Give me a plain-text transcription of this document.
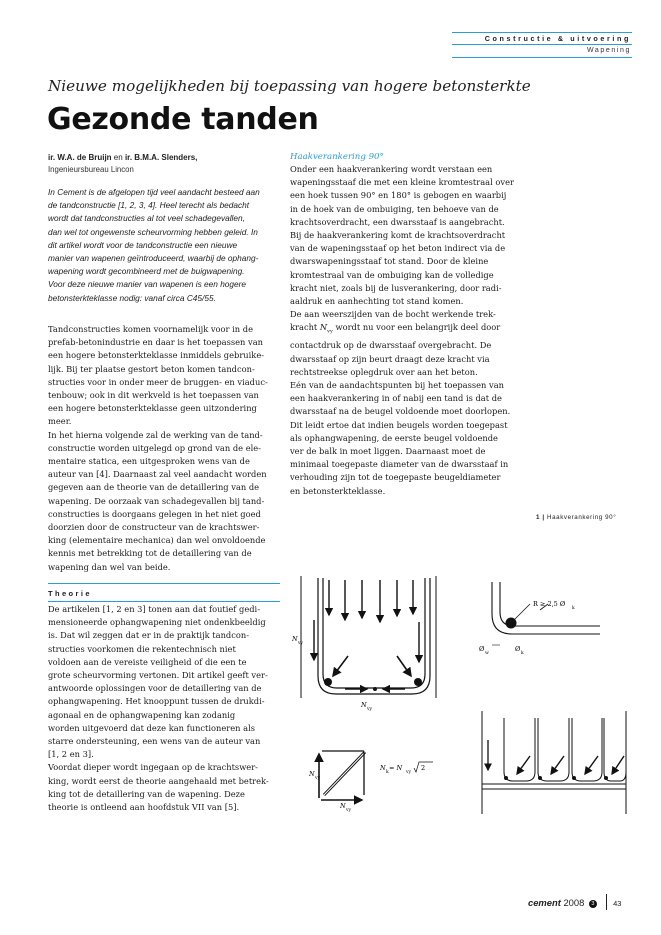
Constructie & uitvoering
Wapening
Nieuwe mogelijkheden bij toepassing van hogere betonsterkte
Gezonde tanden
ir. W.A. de Bruijn en ir. B.M.A. Slenders,
Ingenieursbureau Lincon

In Cement is de afgelopen tijd veel aandacht besteed aan

de tandconstructie [1, 2, 3, 4]. Heel terecht als bedacht

wordt dat tandconstructies al tot veel schadegevallen,

dan wel tot ongewenste scheurvorming hebben geleid. In

dit artikel wordt voor de tandconstructie een nieuwe

manier van wapenen geïntroduceerd, waarbij de ophang-

wapening wordt gecombineerd met de buigwapening.

Voor deze nieuwe manier van wapenen is een hogere

betonsterkteklasse nodig: vanaf circa C45/55.

Tandconstructies komen voornamelijk voor in de

prefab-betonindustrie en daar is het toepassen van

een hogere betonsterkteklasse inmiddels gebruike-

lijk. Bij ter plaatse gestort beton komen tandcon-

structies voor in onder meer de bruggen- en viaduc-

tenbouw; ook in dit werkveld is het toepassen van

een hogere betonsterkteklasse geen uitzondering

meer.

In het hierna volgende zal de werking van de tand-

constructie worden uitgelegd op grond van de ele-

mentaire statica, een uitgesproken wens van de

auteur van [4]. Daarnaast zal veel aandacht worden

gegeven aan de theorie van de detaillering van de

wapening. De oorzaak van schadegevallen bij tand-

constructies is doorgaans gelegen in het niet goed

doorzien door de constructeur van de krachtswer-

king (elementaire mechanica) dan wel onvoldoende

kennis met betrekking tot de detaillering van de

wapening dan wel van beide.

Theorie

De artikelen [1, 2 en 3] tonen aan dat foutief gedi-

mensioneerde ophangwapening niet ondenkbeeldig

is. Dat wil zeggen dat er in de praktijk tandcon-

structies voorkomen die rekentechnisch niet

voldoen aan de vereiste veiligheid of die een te

grote scheurvorming vertonen. Dit artikel geeft ver-

antwoorde oplossingen voor de detaillering van de

ophangwapening. Het knooppunt tussen de drukdi-

agonaal en de ophangwapening kan zodanig

worden uitgevoerd dat deze kan functioneren als

starre ondersteuning, een wens van de auteur van

[1, 2 en 3].

Voordat dieper wordt ingegaan op de krachtswer-

king, wordt eerst de theorie aangehaald met betrek-

king tot de detaillering van de wapening. Deze

theorie is ontleend aan hoofdstuk VII van [5].

Haakverankering 90°

Onder een haakverankering wordt verstaan een

wapeningsstaaf die met een kleine kromtestraal over

een hoek tussen 90° en 180° is gebogen en waarbij

in de hoek van de ombuiging, ten behoeve van de

krachtsoverdracht, een dwarsstaaf is aangebracht.

Bij de haakverankering komt de krachtsoverdracht

van de wapeningsstaaf op het beton indirect via de

dwarswapeningsstaaf tot stand. Door de kleine

kromtestraal van de ombuiging kan de volledige

kracht niet, zoals bij de lusverankering, door radi-

aaldruk en aanhechting tot stand komen.

De aan weerszijden van de bocht werkende trek-

kracht $N_{vy}$ wordt nu voor een belangrijk deel door

contactdruk op de dwarsstaaf overgebracht. De

dwarsstaaf op zijn beurt draagt deze kracht via

rechtstreekse oplegdruk over aan het beton.

Eén van de aandachtspunten bij het toepassen van

een haakverankering in of nabij een tand is dat de

dwarsstaaf na de beugel voldoende moet doorlopen.

Dit leidt ertoe dat indien beugels worden toegepast

als ophangwapening, de eerste beugel voldoende

ver de balk in moet liggen. Daarnaast moet de

minimaal toegepaste diameter van de dwarsstaaf in

verhouding zijn tot de toegepaste beugeldiameter

en betonsterkteklasse.

1 | Haakverankering 90°
N
vy
N
vy
R ≥ 2,5 Ø
k
Ø
w
Ø
k
N
vy
N
vy
N
k
= N
vy
2
cement 2008 3 43
